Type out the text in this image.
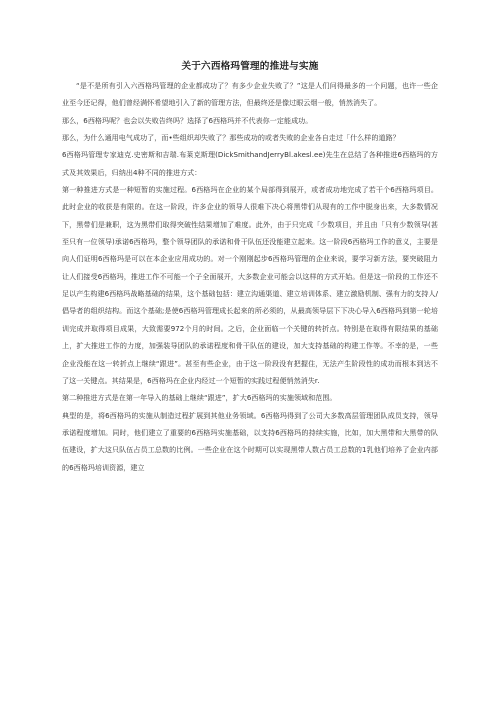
关于六西格玛管理的推进与实施

“是不是所有引入六西格玛管理的企业都成功了？有多少企业失败了？”这是人们问得最多的一个问题，也许一些企业至今还记得，他们曾经满怀希望地引入了新的管理方法，但最终还是像过眼云烟一般，悄然消失了。

那么，6西格玛呢？也会以失败告终吗？选择了6西格玛并不代表你一定能成功。

那么，为什么通用电气成功了，而•些组织却失败了？那些成功的或者失败的企业各自走过「什么样的道路？

6西格玛管理专家迪克.史密斯和吉瑞.布莱克斯理(DickSmithandJerryBl.akesl.ee)先生在总结了各种推进6西格玛的方式及其效果后，归纳出4种不同的推进方式：

第一种推进方式是一种短暂的实施过程。6西格玛在企业的某个局部得到展开，或者成功地完成了若干个6西格玛项目。此时企业的收获是有限的。在这一阶段，许多企业的领导人很难下决心将黑带们从现有的工作中脱身出来，大多数情况下，黑带们是兼职，这为黑带们取得突破性结果增加了难度。此外，由于只完成「少数项目，并且由「只有少数领导(甚至只有一位领导)承诺6西格玛，整个领导团队的承诺和骨干队伍还没能建立起来。这一阶段6西格玛工作的意义，主要是向人们证明6西格玛是可以在本企业应用成功的。对一个刚刚起步6西格玛管理的企业来说，要学习新方法，要突破阻力让人们接受6西格玛，推进工作不可能一个子全面展开，大多数企业可能会以这样的方式开始。但是这一阶段的工作还不足以产生构建6西格玛战略基础的结果，这个基础包括：建立沟通渠道、建立培训体系、建立激励机制、强有力的支持人/倡导者的组织结构。而这个基础;是使6西格玛管理成长起来的所必须的，从最高领导层下下决心导入6西格玛到第一轮培训完成并取得项目成果，大致需要972个月的时间。之后，企业面临一个关键的转折点。特别是在取得有限结果的基础上，扩大推进工作的力度，加强装导团队的承诺程度和骨干队伍的建设，加大支持基础的构建工作等。不幸的是，一些企业没能在这一转折点上继续“跟进”。甚至有些企业，由于这一阶段没有把握住，无法产生阶段性的成功而根本到达不了这一关键点。其结果是，6西格玛在企业内经过一个短暂的实践过程便悄然消失r.

第二种推进方式是在第一年导入的基础上继续“跟进”，扩大6西格玛的实施领域和范围。

典型的是，将6西格玛的实施从制造过程扩展到其他业务领域。6西格玛得到了公司大多数高层管理团队成员支持，领导承诺程度增加。同时，他们建立了重要的6西格玛实施基础，以支持6西格玛的持续实施，比如，加大黑带和大黑带的队伍建设，扩大这只队伍占员工总数的比例。一些企业在这个时期可以实现黑带人数占员工总数的1乳他们培养了企业内部的6西格玛培训资源，建立
